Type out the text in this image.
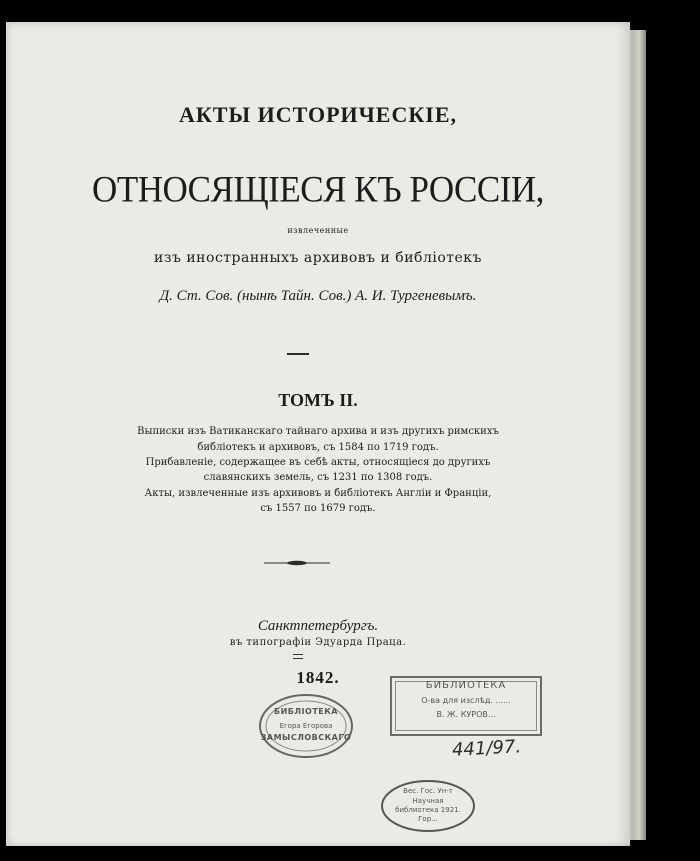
АКТЫ ИСТОРИЧЕСКІЕ,
ОТНОСЯЩІЕСЯ КЪ РОССІИ,
извлеченные
изъ иностранныхъ архивовъ и библiотекъ
Д. Ст. Сов. (нынѣ Тайн. Сов.) А. И. Тургеневымъ.
ТОМЪ II.
Выписки изъ Ватиканскаго тайнаго архива и изъ другихъ римскихъ
библiотекъ и архивовъ, съ 1584 по 1719 годъ.
Прибавленiе, содержащее въ себѣ акты, относящiеся до другихъ
славянскихъ земель, съ 1231 по 1308 годъ.
Акты, извлеченные изъ архивовъ и библiотекъ Англiи и Францiи,
съ 1557 по 1679 годъ.
Санктпетербургъ.
въ типографiи Эдуарда Праца.
1842.	БИБЛИОТЕКА
О-ва для изслѣд. ......
В. Ж. КУРОВ...
БИБЛIОТЕКА
Егора Егорова
ЗАМЫСЛОВСКАГО	441/97.
Вес. Гос. Ун-т
Научная
библиотека 1921.
Гор...
